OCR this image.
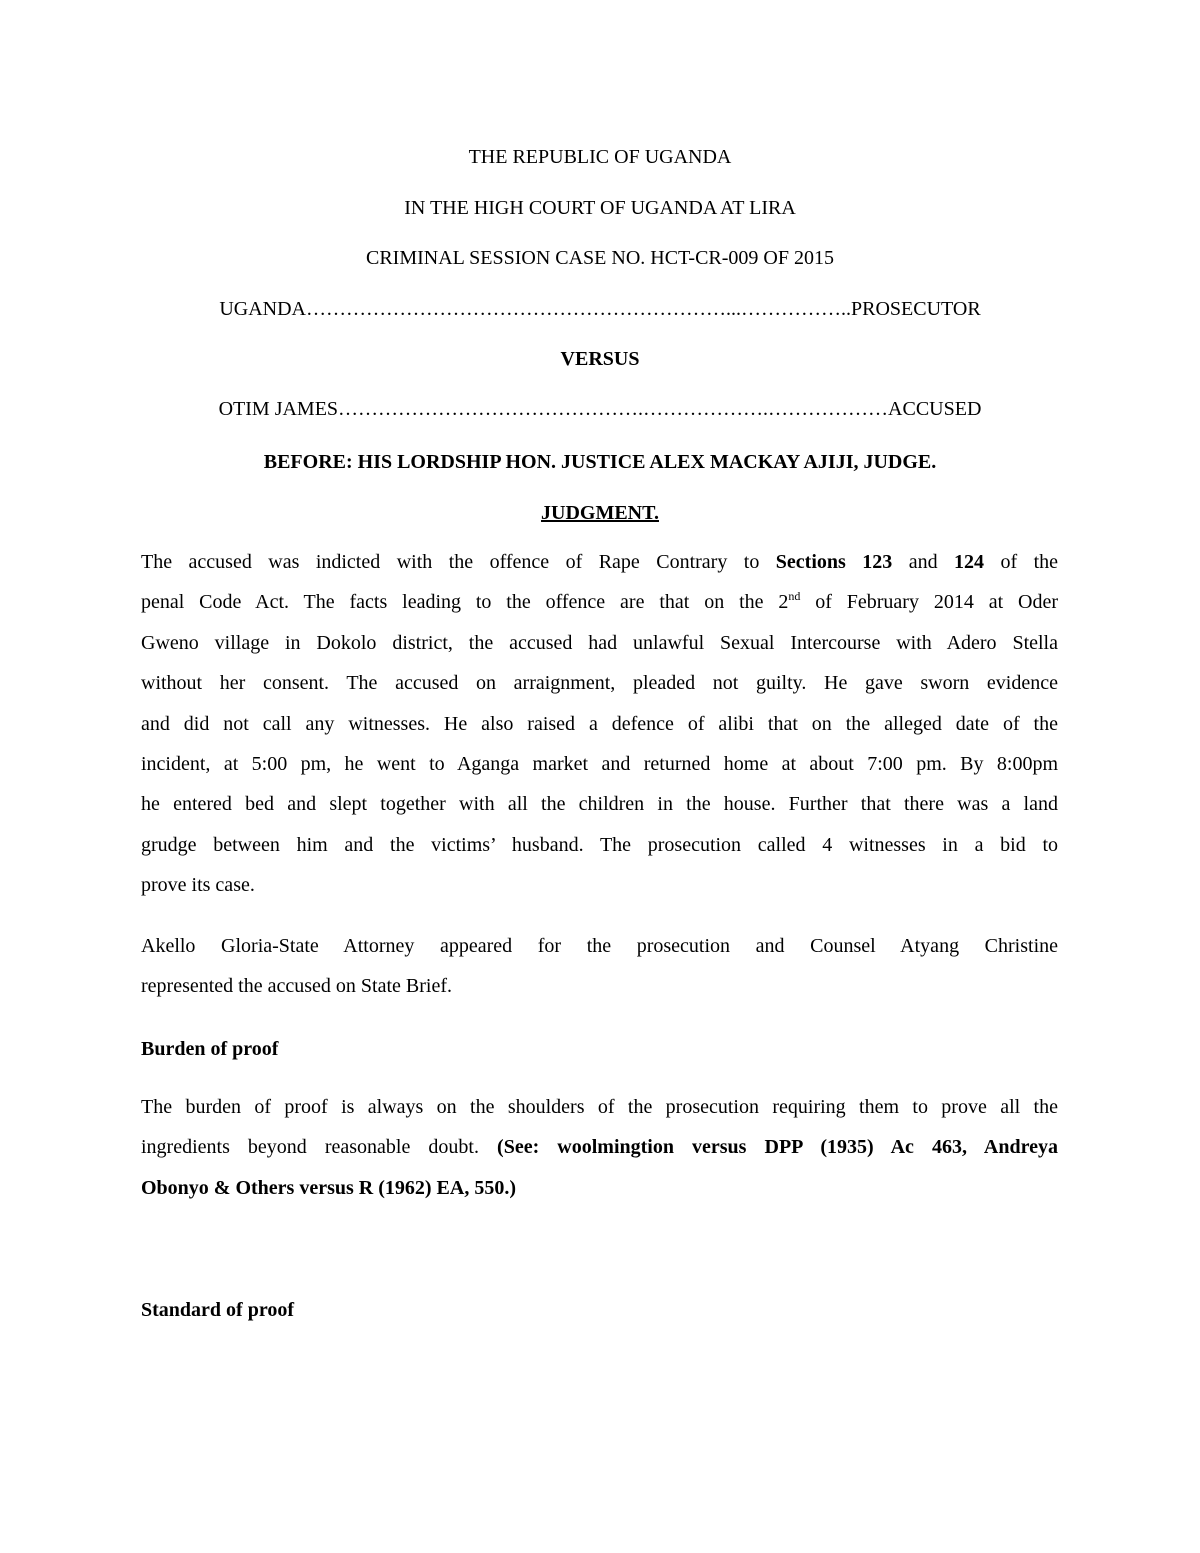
THE REPUBLIC OF UGANDA
IN THE HIGH COURT OF UGANDA AT LIRA
CRIMINAL SESSION CASE NO. HCT-CR-009 OF 2015
UGANDA………………………………………………………...……………..PROSECUTOR
VERSUS
OTIM JAMES……………………………………….……………….………………ACCUSED
BEFORE: HIS LORDSHIP HON. JUSTICE ALEX MACKAY AJIJI, JUDGE.
JUDGMENT.
The accused was indicted with the offence of Rape Contrary to Sections 123 and 124 of the
penal Code Act. The facts leading to the offence are that on the 2nd of February 2014 at Oder
Gweno village in Dokolo district, the accused had unlawful Sexual Intercourse with Adero Stella
without her consent. The accused on arraignment, pleaded not guilty. He gave sworn evidence
and did not call any witnesses. He also raised a defence of alibi that on the alleged date of the
incident, at 5:00 pm, he went to Aganga market and returned home at about 7:00 pm. By 8:00pm
he entered bed and slept together with all the children in the house. Further that there was a land
grudge between him and the victims’ husband. The prosecution called 4 witnesses in a bid to
prove its case.
Akello Gloria-State Attorney appeared for the prosecution and Counsel Atyang Christine
represented the accused on State Brief.
Burden of proof
The burden of proof is always on the shoulders of the prosecution requiring them to prove all the
ingredients beyond reasonable doubt. (See: woolmingtion versus DPP (1935) Ac 463, Andreya
Obonyo & Others versus R (1962) EA, 550.)
Standard of proof
